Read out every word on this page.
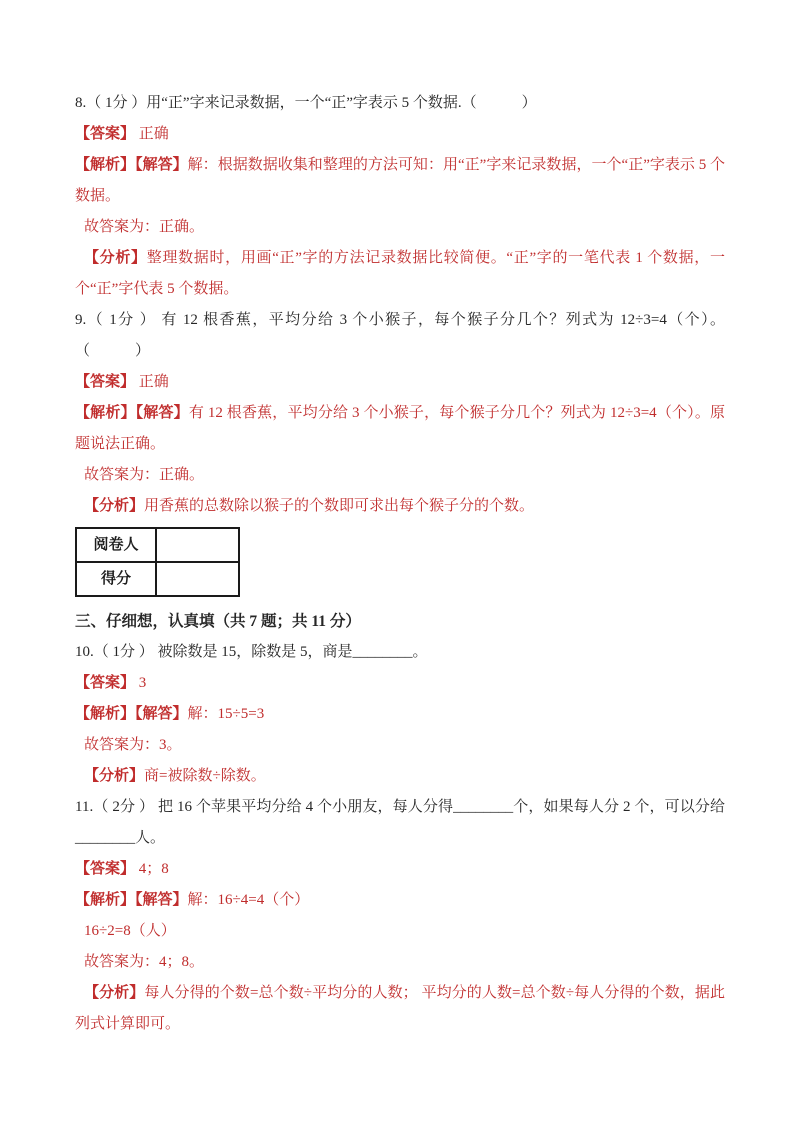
8.（ 1分 ）用“正”字来记录数据，一个“正”字表示 5 个数据.（　　　）
【答案】 正确
【解析】【解答】解：根据数据收集和整理的方法可知：用“正”字来记录数据，一个“正”字表示 5 个数据。
故答案为：正确。
【分析】整理数据时，用画“正”字的方法记录数据比较简便。“正”字的一笔代表 1 个数据，一个“正”字代表 5 个数据。
9.（ 1分 ） 有 12 根香蕉，平均分给 3 个小猴子，每个猴子分几个？列式为 12÷3=4（个）。（　　　）
【答案】 正确
【解析】【解答】有 12 根香蕉，平均分给 3 个小猴子，每个猴子分几个？列式为 12÷3=4（个）。原题说法正确。
故答案为：正确。
【分析】用香蕉的总数除以猴子的个数即可求出每个猴子分的个数。
阅卷人	
得分	
三、仔细想，认真填（共 7 题；共 11 分）
10.（ 1分 ） 被除数是 15，除数是 5，商是________。
【答案】 3
【解析】【解答】解：15÷5=3
故答案为：3。
【分析】商=被除数÷除数。
11.（ 2分 ） 把 16 个苹果平均分给 4 个小朋友，每人分得________个，如果每人分 2 个，可以分给________人。
【答案】 4；8
【解析】【解答】解：16÷4=4（个）
16÷2=8（人）
故答案为：4；8。
【分析】每人分得的个数=总个数÷平均分的人数； 平均分的人数=总个数÷每人分得的个数，据此列式计算即可。
